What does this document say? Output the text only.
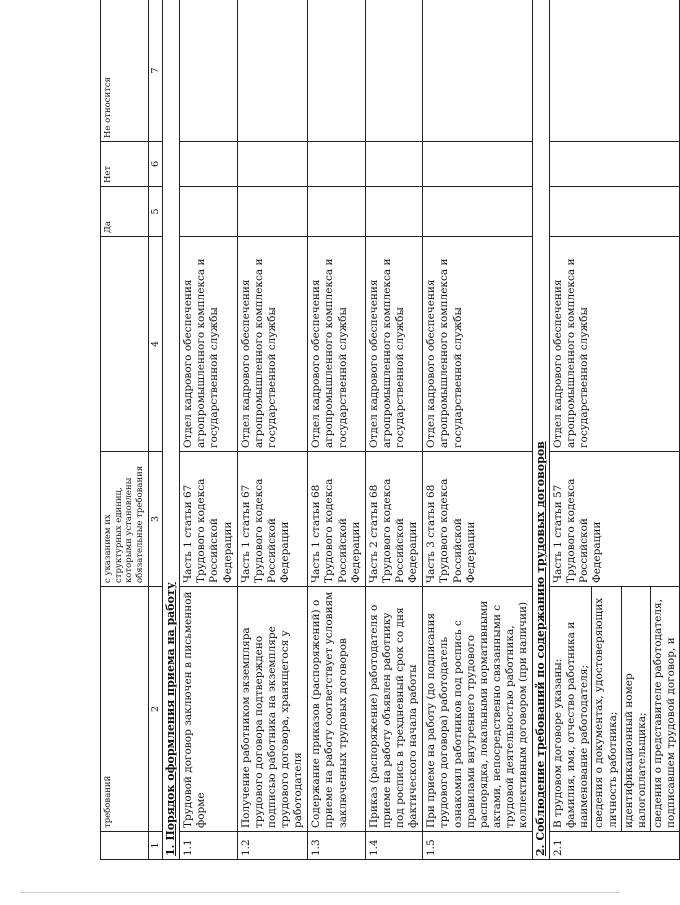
	требований	с указанием их структурных единиц, которыми установлены обязательные требования		Да	Нет	Не относится
1	2	3	4	5	6	7
1. Порядок оформления приема на работу						
1.1	Трудовой договор заключен в письменной форме	Часть 1 статьи 67 Трудового кодекса Российской Федерации	Отдел кадрового обеспечения агропромышленного комплекса и государственной службы			
1.2	Получение работником экземпляра трудового договора подтверждено подписью работника на экземпляре трудового договора, хранящегося у работодателя	Часть 1 статьи 67 Трудового кодекса Российской Федерации	Отдел кадрового обеспечения агропромышленного комплекса и государственной службы			
1.3	Содержание приказов (распоряжений) о приеме на работу соответствует условиям заключенных трудовых договоров	Часть 1 статьи 68 Трудового кодекса Российской Федерации	Отдел кадрового обеспечения агропромышленного комплекса и государственной службы			
1.4	Приказ (распоряжение) работодателя о приеме на работу объявлен работнику под роспись в трехдневный срок со дня фактического начала работы	Часть 2 статьи 68 Трудового кодекса Российской Федерации	Отдел кадрового обеспечения агропромышленного комплекса и государственной службы			
1.5	При приеме на работу (до подписания трудового договора) работодатель ознакомил работников под роспись с правилами внутреннего трудового распорядка, локальными нормативными актами, непосредственно связанными с трудовой деятельностью работника, коллективным договором (при наличии)	Часть 3 статьи 68 Трудового кодекса Российской Федерации	Отдел кадрового обеспечения агропромышленного комплекса и государственной службы			
2. Соблюдение требований по содержанию трудовых договоров						
2.1	В трудовом договоре указаны: фамилия, имя, отчество работника и наименование работодателя; сведения о документах, удостоверяющих личность работника; идентификационный номер налогоплательщика; сведения о представителе работодателя, подписавшем трудовой договор, и	Часть 1 статьи 57 Трудового кодекса Российской Федерации	Отдел кадрового обеспечения агропромышленного комплекса и государственной службы			
